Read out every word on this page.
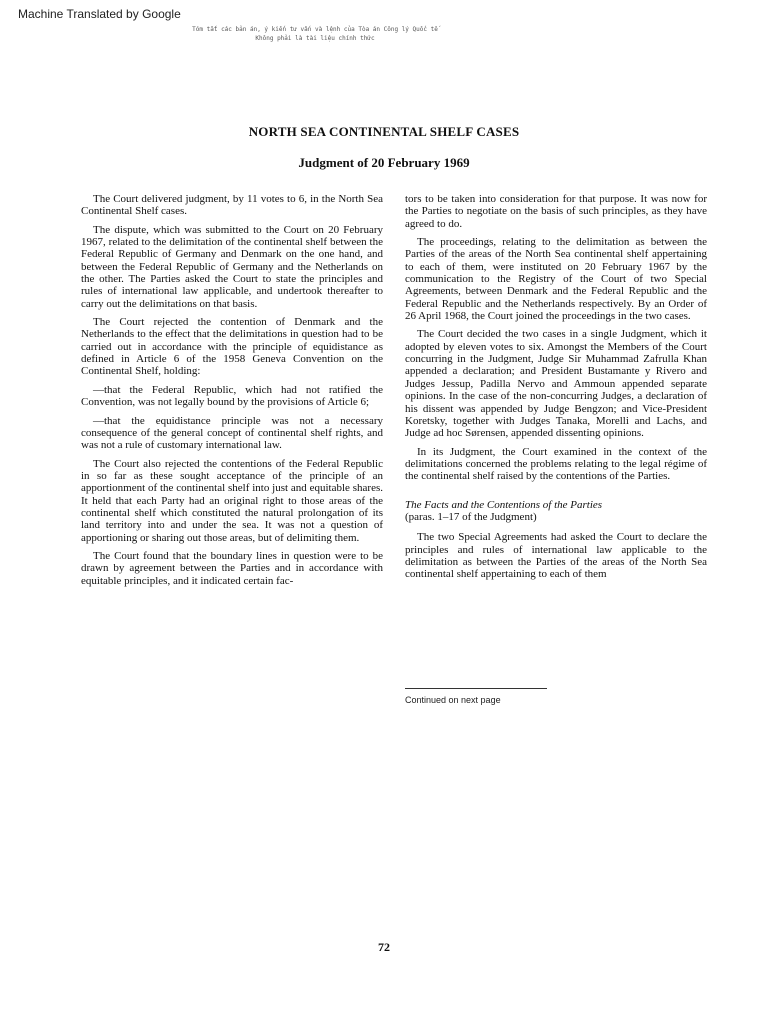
Machine Translated by Google
Tóm tắt các bản án, ý kiến tư vấn và lệnh của Tòa án Công lý Quốc tế
Không phải là tài liệu chính thức
NORTH SEA CONTINENTAL SHELF CASES
Judgment of 20 February 1969

The Court delivered judgment, by 11 votes to 6, in the North Sea Continental Shelf cases.

The dispute, which was submitted to the Court on 20 February 1967, related to the delimitation of the continental shelf between the Federal Republic of Germany and Denmark on the one hand, and between the Federal Republic of Germany and the Netherlands on the other. The Parties asked the Court to state the principles and rules of international law applicable, and undertook thereafter to carry out the delimitations on that basis.

The Court rejected the contention of Denmark and the Netherlands to the effect that the delimitations in question had to be carried out in accordance with the principle of equidistance as defined in Article 6 of the 1958 Geneva Convention on the Continental Shelf, holding:

—that the Federal Republic, which had not ratified the Convention, was not legally bound by the provisions of Article 6;

—that the equidistance principle was not a necessary consequence of the general concept of continental shelf rights, and was not a rule of customary international law.

The Court also rejected the contentions of the Federal Republic in so far as these sought acceptance of the principle of an apportionment of the continental shelf into just and equitable shares. It held that each Party had an original right to those areas of the continental shelf which constituted the natural prolongation of its land territory into and under the sea. It was not a question of apportioning or sharing out those areas, but of delimiting them.

The Court found that the boundary lines in question were to be drawn by agreement between the Parties and in accordance with equitable principles, and it indicated certain fac-

tors to be taken into consideration for that purpose. It was now for the Parties to negotiate on the basis of such principles, as they have agreed to do.

The proceedings, relating to the delimitation as between the Parties of the areas of the North Sea continental shelf appertaining to each of them, were instituted on 20 February 1967 by the communication to the Registry of the Court of two Special Agreements, between Denmark and the Federal Republic and the Federal Republic and the Netherlands respectively. By an Order of 26 April 1968, the Court joined the proceedings in the two cases.

The Court decided the two cases in a single Judgment, which it adopted by eleven votes to six. Amongst the Members of the Court concurring in the Judgment, Judge Sir Muhammad Zafrulla Khan appended a declaration; and President Bustamante y Rivero and Judges Jessup, Padilla Nervo and Ammoun appended separate opinions. In the case of the non-concurring Judges, a declaration of his dissent was appended by Judge Bengzon; and Vice-President Koretsky, together with Judges Tanaka, Morelli and Lachs, and Judge ad hoc Sørensen, appended dissenting opinions.

In its Judgment, the Court examined in the context of the delimitations concerned the problems relating to the legal régime of the continental shelf raised by the contentions of the Parties.

The Facts and the Contentions of the Parties
(paras. 1–17 of the Judgment)

The two Special Agreements had asked the Court to declare the principles and rules of international law applicable to the delimitation as between the Parties of the areas of the North Sea continental shelf appertaining to each of them

Continued on next page
72
